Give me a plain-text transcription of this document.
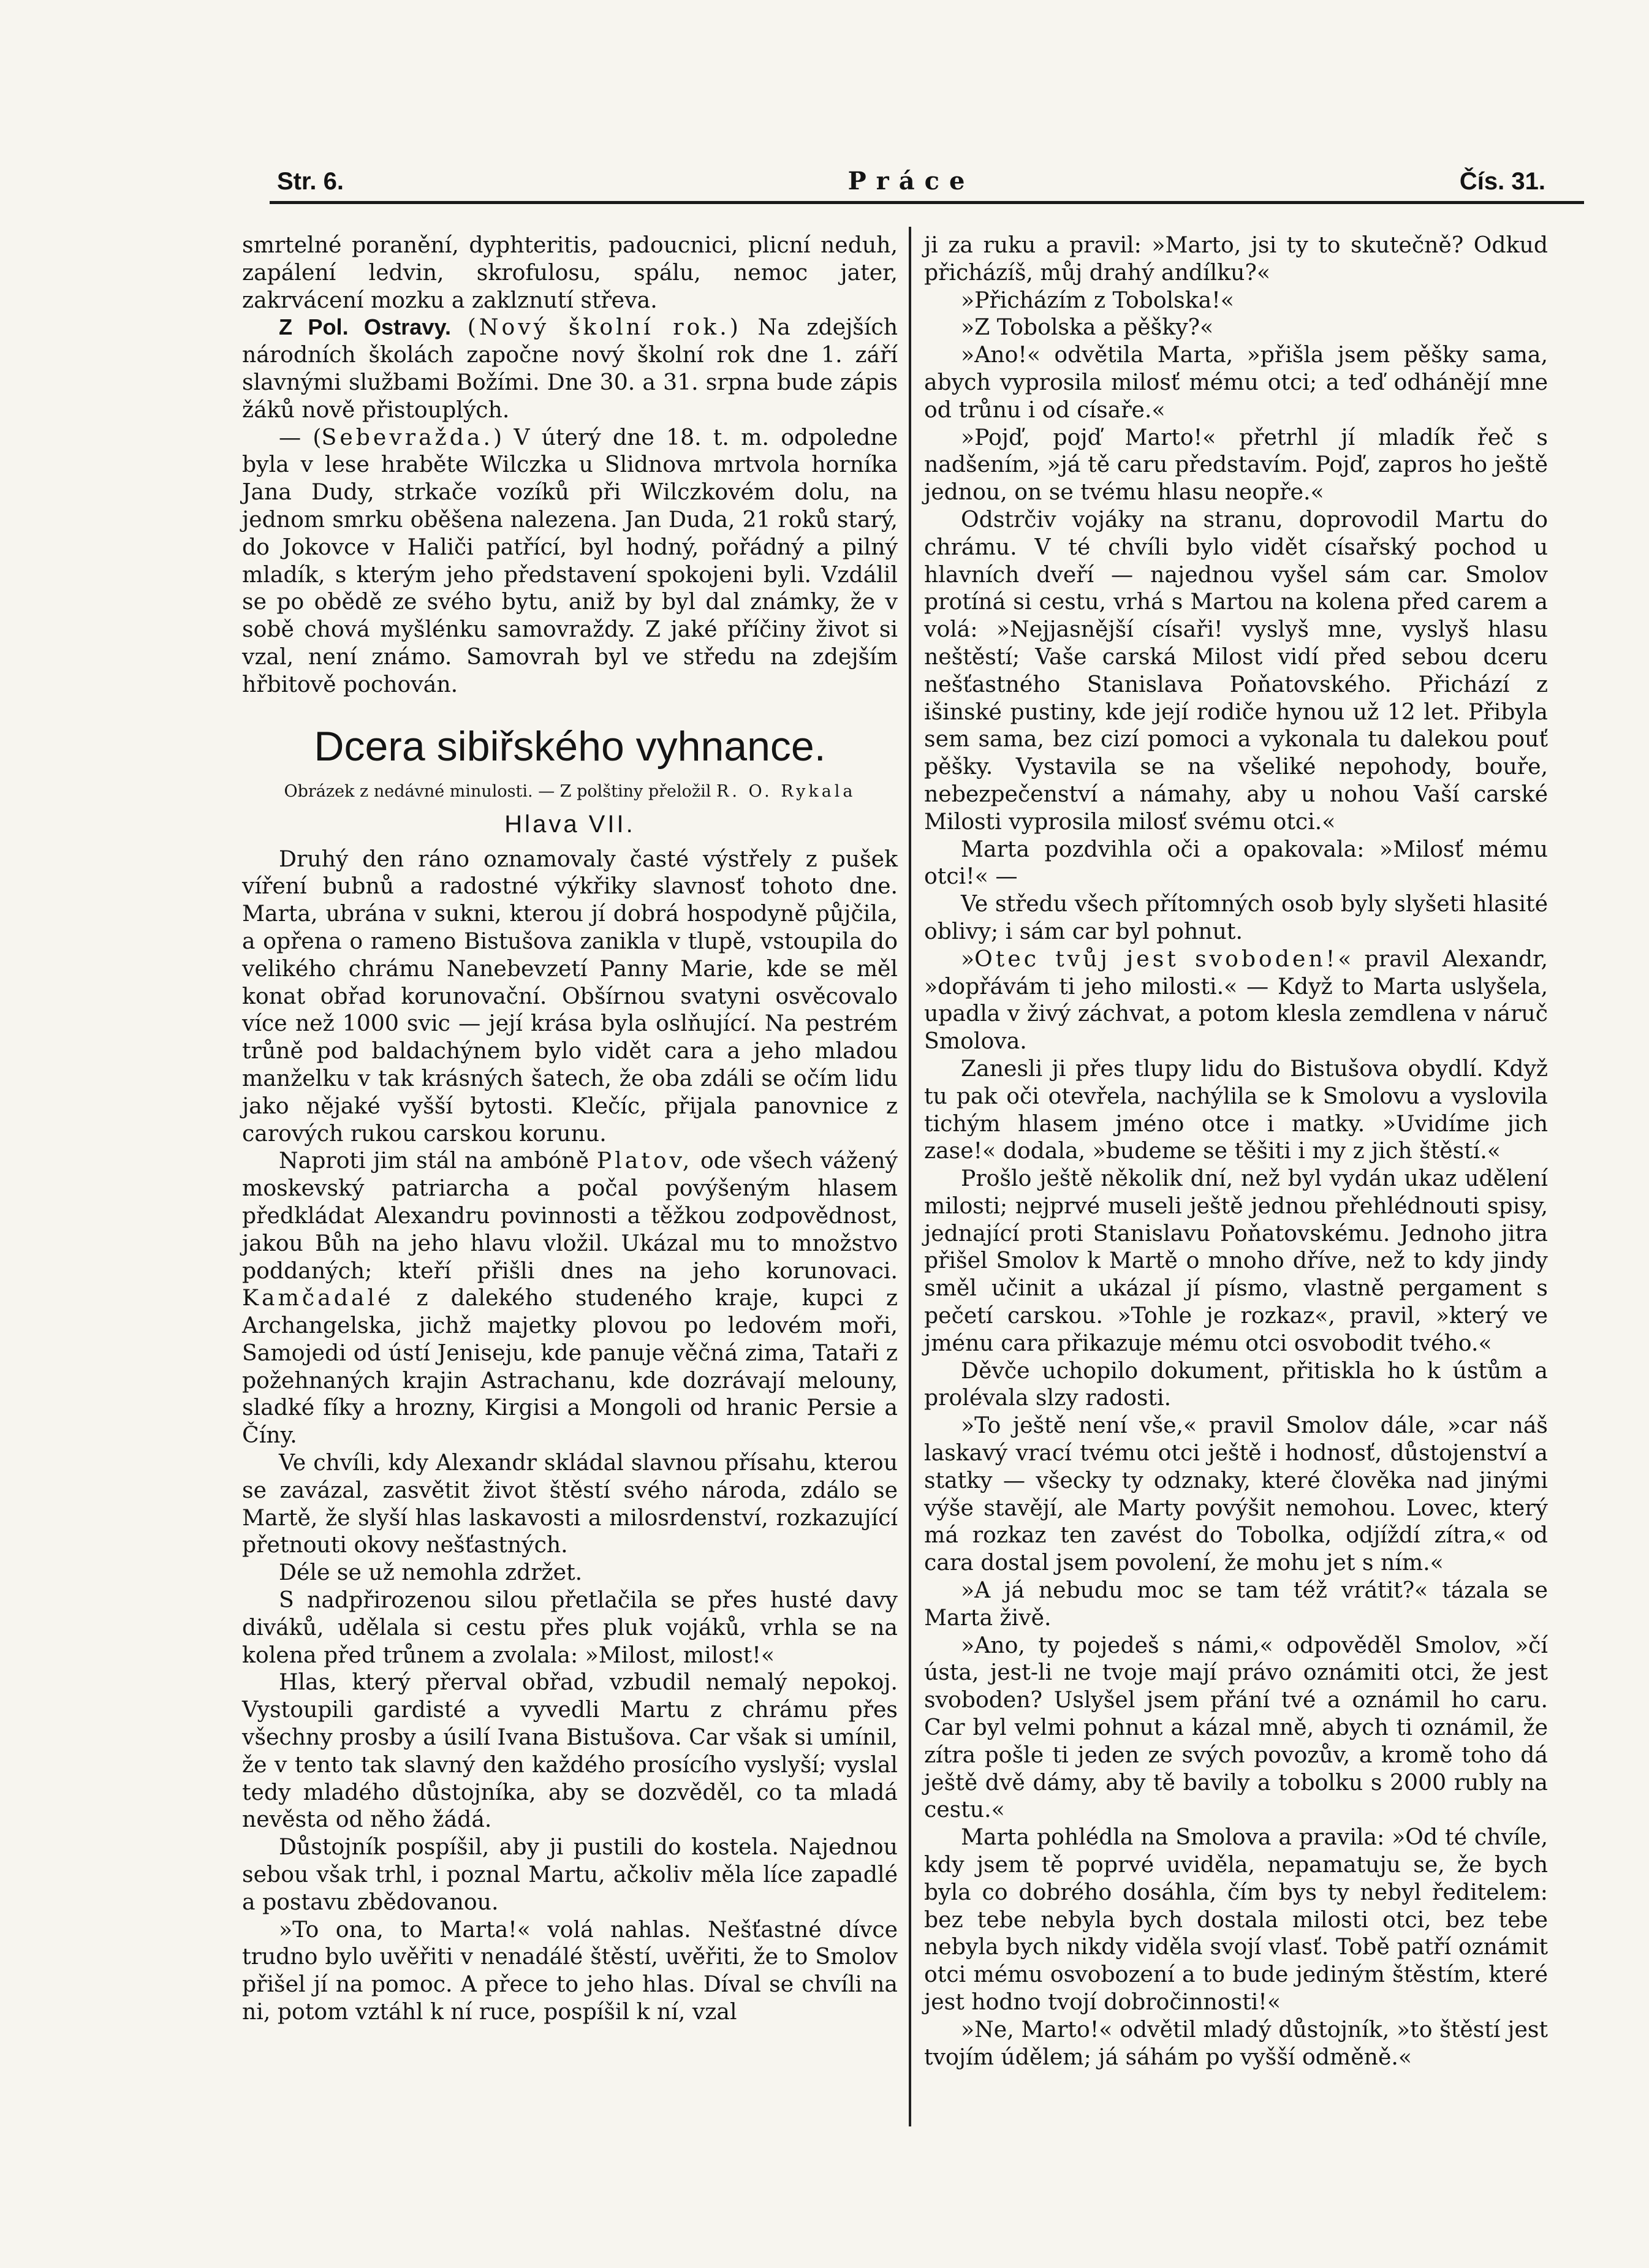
Str. 6.	Práce	Čís. 31.

smrtelné poranění, dyphteritis, padoucnici, plicní neduh, zapálení ledvin, skrofulosu, spálu, nemoc jater, zakrvácení mozku a zaklznutí střeva.

Z Pol. Ostravy. (Nový školní rok.) Na zdejších národních školách započne nový školní rok dne 1. září slavnými službami Božími. Dne 30. a 31. srpna bude zápis žáků nově přistouplých.

— (Sebevražda.) V úterý dne 18. t. m. odpoledne byla v lese hraběte Wilczka u Slidnova mrtvola horníka Jana Dudy, strkače vozíků při Wilczkovém dolu, na jednom smrku oběšena nalezena. Jan Duda, 21 roků starý, do Jokovce v Haliči patřící, byl hodný, pořádný a pilný mladík, s kterým jeho představení spokojeni byli. Vzdálil se po obědě ze svého bytu, aniž by byl dal známky, že v sobě chová myšlénku samovraždy. Z jaké příčiny život si vzal, není známo. Samovrah byl ve středu na zdejším hřbitově pochován.

Dcera sibiřského vyhnance.
Obrázek z nedávné minulosti. — Z polštiny přeložil R. O. Rykala
Hlava VII.

Druhý den ráno oznamovaly časté výstřely z pušek víření bubnů a radostné výkřiky slavnosť tohoto dne. Marta, ubrána v sukni, kterou jí dobrá hospodyně půjčila, a opřena o rameno Bistušova zanikla v tlupě, vstoupila do velikého chrámu Nanebevzetí Panny Marie, kde se měl konat obřad korunovační. Obšírnou svatyni osvěcovalo více než 1000 svic — její krása byla oslňující. Na pestrém trůně pod baldachýnem bylo vidět cara a jeho mladou manželku v tak krásných šatech, že oba zdáli se očím lidu jako nějaké vyšší bytosti. Klečíc, přijala panovnice z carových rukou carskou korunu.

Naproti jim stál na ambóně Platov, ode všech vážený moskevský patriarcha a počal povýšeným hlasem předkládat Alexandru povinnosti a těžkou zodpovědnost, jakou Bůh na jeho hlavu vložil. Ukázal mu to množstvo poddaných; kteří přišli dnes na jeho korunovaci. Kamčadalé z dalekého studeného kraje, kupci z Archangelska, jichž majetky plovou po ledovém moři, Samojedi od ústí Jeniseju, kde panuje věčná zima, Tataři z požehnaných krajin Astrachanu, kde dozrávají melouny, sladké fíky a hrozny, Kirgisi a Mongoli od hranic Persie a Číny.

Ve chvíli, kdy Alexandr skládal slavnou přísahu, kterou se zavázal, zasvětit život štěstí svého národa, zdálo se Martě, že slyší hlas laskavosti a milosrdenství, rozkazující přetnouti okovy nešťastných.

Déle se už nemohla zdržet.

S nadpřirozenou silou přetlačila se přes husté davy diváků, udělala si cestu přes pluk vojáků, vrhla se na kolena před trůnem a zvolala: »Milost, milost!«

Hlas, který přerval obřad, vzbudil nemalý nepokoj. Vystoupili gardisté a vyvedli Martu z chrámu přes všechny prosby a úsilí Ivana Bistušova. Car však si umínil, že v tento tak slavný den každého prosícího vyslyší; vyslal tedy mladého důstojníka, aby se dozvěděl, co ta mladá nevěsta od něho žádá.

Důstojník pospíšil, aby ji pustili do kostela. Najednou sebou však trhl, i poznal Martu, ačkoliv měla líce zapadlé a postavu zbědovanou.

»To ona, to Marta!« volá nahlas. Nešťastné dívce trudno bylo uvěřiti v nenadálé štěstí, uvěřiti, že to Smolov přišel jí na pomoc. A přece to jeho hlas. Díval se chvíli na ni, potom vztáhl k ní ruce, pospíšil k ní, vzal

ji za ruku a pravil: »Marto, jsi ty to skutečně? Odkud přicházíš, můj drahý andílku?«

»Přicházím z Tobolska!«

»Z Tobolska a pěšky?«

»Ano!« odvětila Marta, »přišla jsem pěšky sama, abych vyprosila milosť mému otci; a teď odhánějí mne od trůnu i od císaře.«

»Pojď, pojď Marto!« přetrhl jí mladík řeč s nadšením, »já tě caru představím. Pojď, zapros ho ještě jednou, on se tvému hlasu neopře.«

Odstrčiv vojáky na stranu, doprovodil Martu do chrámu. V té chvíli bylo vidět císařský pochod u hlavních dveří — najednou vyšel sám car. Smolov protíná si cestu, vrhá s Martou na kolena před carem a volá: »Nejjasnější císaři! vyslyš mne, vyslyš hlasu neštěstí; Vaše carská Milost vidí před sebou dceru nešťastného Stanislava Poňatovského. Přichází z išinské pustiny, kde její rodiče hynou už 12 let. Přibyla sem sama, bez cizí pomoci a vykonala tu dalekou pouť pěšky. Vystavila se na všeliké nepohody, bouře, nebezpečenství a námahy, aby u nohou Vaší carské Milosti vyprosila milosť svému otci.«

Marta pozdvihla oči a opakovala: »Milosť mému otci!« —

Ve středu všech přítomných osob byly slyšeti hlasité oblivy; i sám car byl pohnut.

»Otec tvůj jest svoboden!« pravil Alexandr, »dopřávám ti jeho milosti.« — Když to Marta uslyšela, upadla v živý záchvat, a potom klesla zemdlena v náruč Smolova.

Zanesli ji přes tlupy lidu do Bistušova obydlí. Když tu pak oči otevřela, nachýlila se k Smolovu a vyslovila tichým hlasem jméno otce i matky. »Uvidíme jich zase!« dodala, »budeme se těšiti i my z jich štěstí.«

Prošlo ještě několik dní, než byl vydán ukaz udělení milosti; nejprvé museli ještě jednou přehlédnouti spisy, jednající proti Stanislavu Poňatovskému. Jednoho jitra přišel Smolov k Martě o mnoho dříve, než to kdy jindy směl učinit a ukázal jí písmo, vlastně pergament s pečetí carskou. »Tohle je rozkaz«, pravil, »který ve jménu cara přikazuje mému otci osvobodit tvého.«

Děvče uchopilo dokument, přitiskla ho k ústům a prolévala slzy radosti.

»To ještě není vše,« pravil Smolov dále, »car náš laskavý vrací tvému otci ještě i hodnosť, důstojenství a statky — všecky ty odznaky, které člověka nad jinými výše stavějí, ale Marty povýšit nemohou. Lovec, který má rozkaz ten zavést do Tobolka, odjíždí zítra,« od cara dostal jsem povolení, že mohu jet s ním.«

»A já nebudu moc se tam též vrátit?« tázala se Marta živě.

»Ano, ty pojedeš s námi,« odpověděl Smolov, »čí ústa, jest-li ne tvoje mají právo oznámiti otci, že jest svoboden? Uslyšel jsem přání tvé a oznámil ho caru. Car byl velmi pohnut a kázal mně, abych ti oznámil, že zítra pošle ti jeden ze svých povozův, a kromě toho dá ještě dvě dámy, aby tě bavily a tobolku s 2000 rubly na cestu.«

Marta pohlédla na Smolova a pravila: »Od té chvíle, kdy jsem tě poprvé uviděla, nepamatuju se, že bych byla co dobrého dosáhla, čím bys ty nebyl ředitelem: bez tebe nebyla bych dostala milosti otci, bez tebe nebyla bych nikdy viděla svojí vlasť. Tobě patří oznámit otci mému osvobození a to bude jediným štěstím, které jest hodno tvojí dobročinnosti!«

»Ne, Marto!« odvětil mladý důstojník, »to štěstí jest tvojím údělem; já sáhám po vyšší odměně.«
